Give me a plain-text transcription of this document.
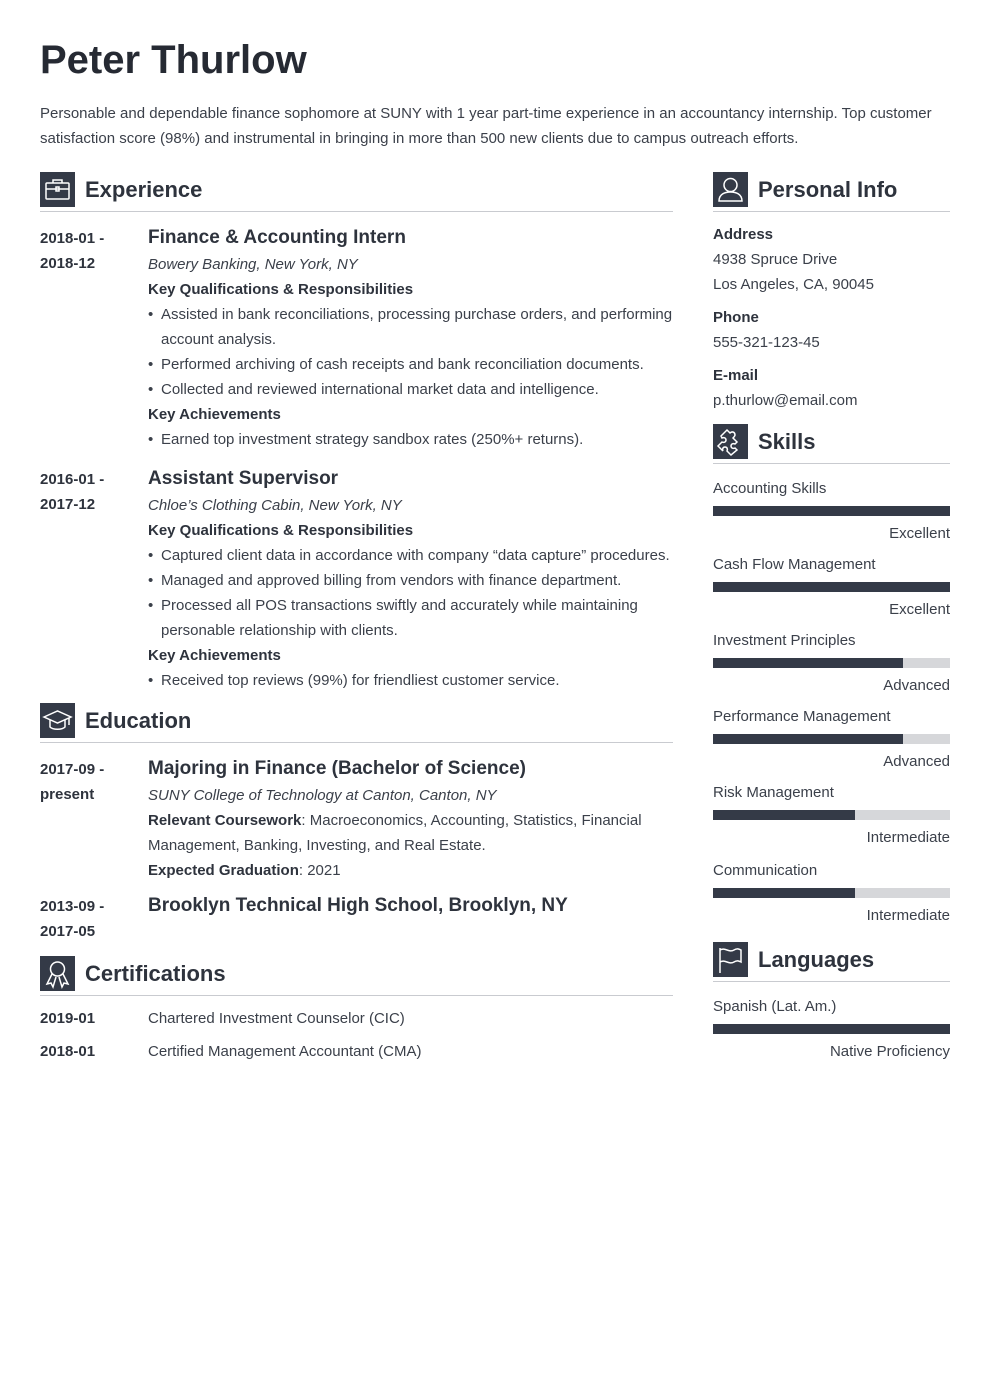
Peter Thurlow
Personable and dependable finance sophomore at SUNY with 1 year part-time experience in an accountancy internship. Top customer satisfaction score (98%) and instrumental in bringing in more than 500 new clients due to campus outreach efforts.
Experience
2018-01 -
2018-12
Finance & Accounting Intern
Bowery Banking, New York, NY
Key Qualifications & Responsibilities
• Assisted in bank reconciliations, processing purchase orders, and performing account analysis.
• Performed archiving of cash receipts and bank reconciliation documents.
• Collected and reviewed international market data and intelligence.
Key Achievements
• Earned top investment strategy sandbox rates (250%+ returns).
2016-01 -
2017-12
Assistant Supervisor
Chloe’s Clothing Cabin, New York, NY
Key Qualifications & Responsibilities
• Captured client data in accordance with company “data capture” procedures.
• Managed and approved billing from vendors with finance department.
• Processed all POS transactions swiftly and accurately while maintaining personable relationship with clients.
Key Achievements
• Received top reviews (99%) for friendliest customer service.
Education
2017-09 -
present
Majoring in Finance (Bachelor of Science)
SUNY College of Technology at Canton, Canton, NY
Relevant Coursework: Macroeconomics, Accounting, Statistics, Financial Management, Banking, Investing, and Real Estate.
Expected Graduation: 2021
2013-09 -
2017-05
Brooklyn Technical High School, Brooklyn, NY
Certifications
2019-01	Chartered Investment Counselor (CIC)
2018-01	Certified Management Accountant (CMA)
Personal Info
Address
4938 Spruce Drive
Los Angeles, CA, 90045
Phone
555-321-123-45
E-mail
p.thurlow@email.com
Skills
Accounting Skills
Excellent
Cash Flow Management
Excellent
Investment Principles
Advanced
Performance Management
Advanced
Risk Management
Intermediate
Communication
Intermediate
Languages
Spanish (Lat. Am.)
Native Proficiency
